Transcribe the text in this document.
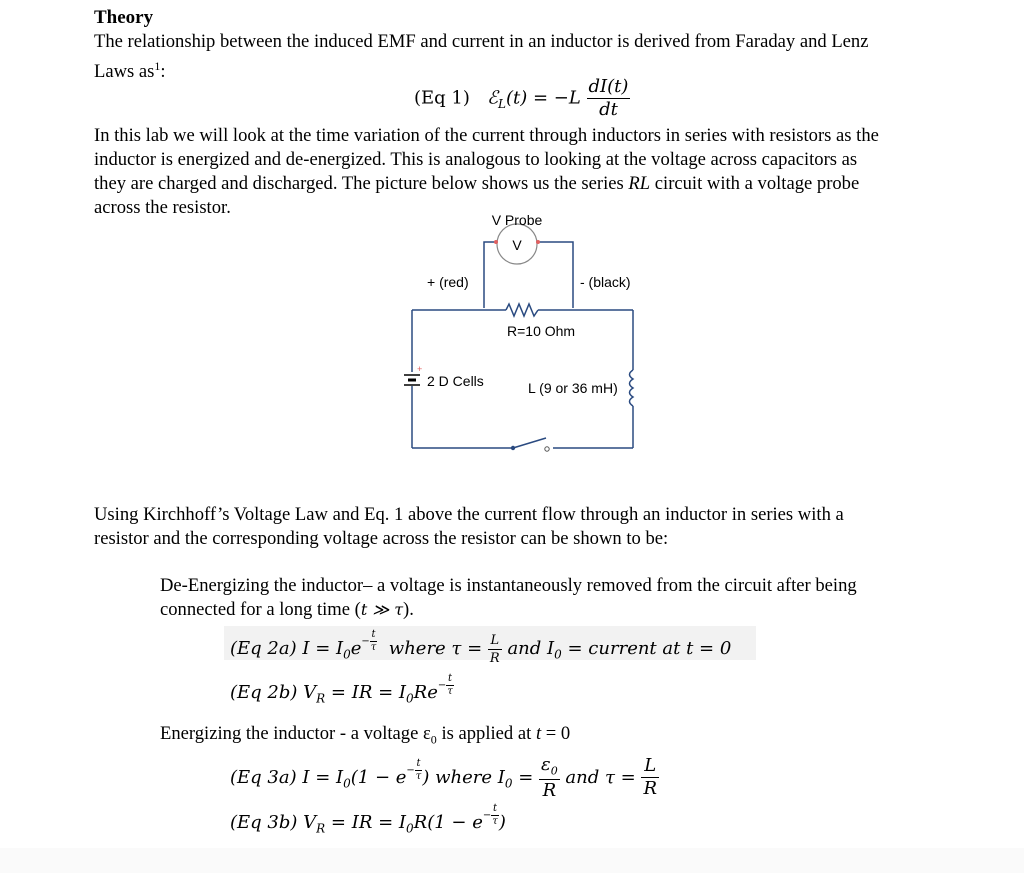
Theory
The relationship between the induced EMF and current in an inductor is derived from Faraday and Lenz
Laws $as^1$:
(Eq 1) ℰ$_L$(t) = $-L \frac{dI(t)}{dt}$
In this lab we will look at the time variation of the current through inductors in series with resistors as the
inductor is energized and de-energized. This is analogous to looking at the voltage across capacitors as
they are charged and discharged. The picture below shows us the series RL circuit with a voltage probe
across the resistor.
V
+
V Probe
+ (red)	- (black)
R=10 Ohm
2 D Cells	L (9 or 36 mH)
Using Kirchhoff’s Voltage Law and Eq. 1 above the current flow through an inductor in series with a
resistor and the corresponding voltage across the resistor can be shown to be:
De-Energizing the inductor– a voltage is instantaneously removed from the circuit after being
connected for a long time (t ≫ τ).
(Eq 2a) $I = I_0e- \frac{t}{\tau}$ where $\tau = \frac{L}{R}$ and $I_0$ = current at t = 0
(Eq 2b) $V_R$ = IR = $I_0Re- \frac{t}{\tau}$
Energizing the inductor - a voltage $\varepsilon_0$ is applied at t = 0
(Eq 3a) $I = I_0(1 - e- \frac{t}{\tau}$ ) where $I_0 = \frac{\varepsilon_0}{R}$ and $\tau = \frac{L}{R}$
(Eq 3b) $V_R$ = IR = $I_0R(1 - e- \frac{t}{\tau}$ )
